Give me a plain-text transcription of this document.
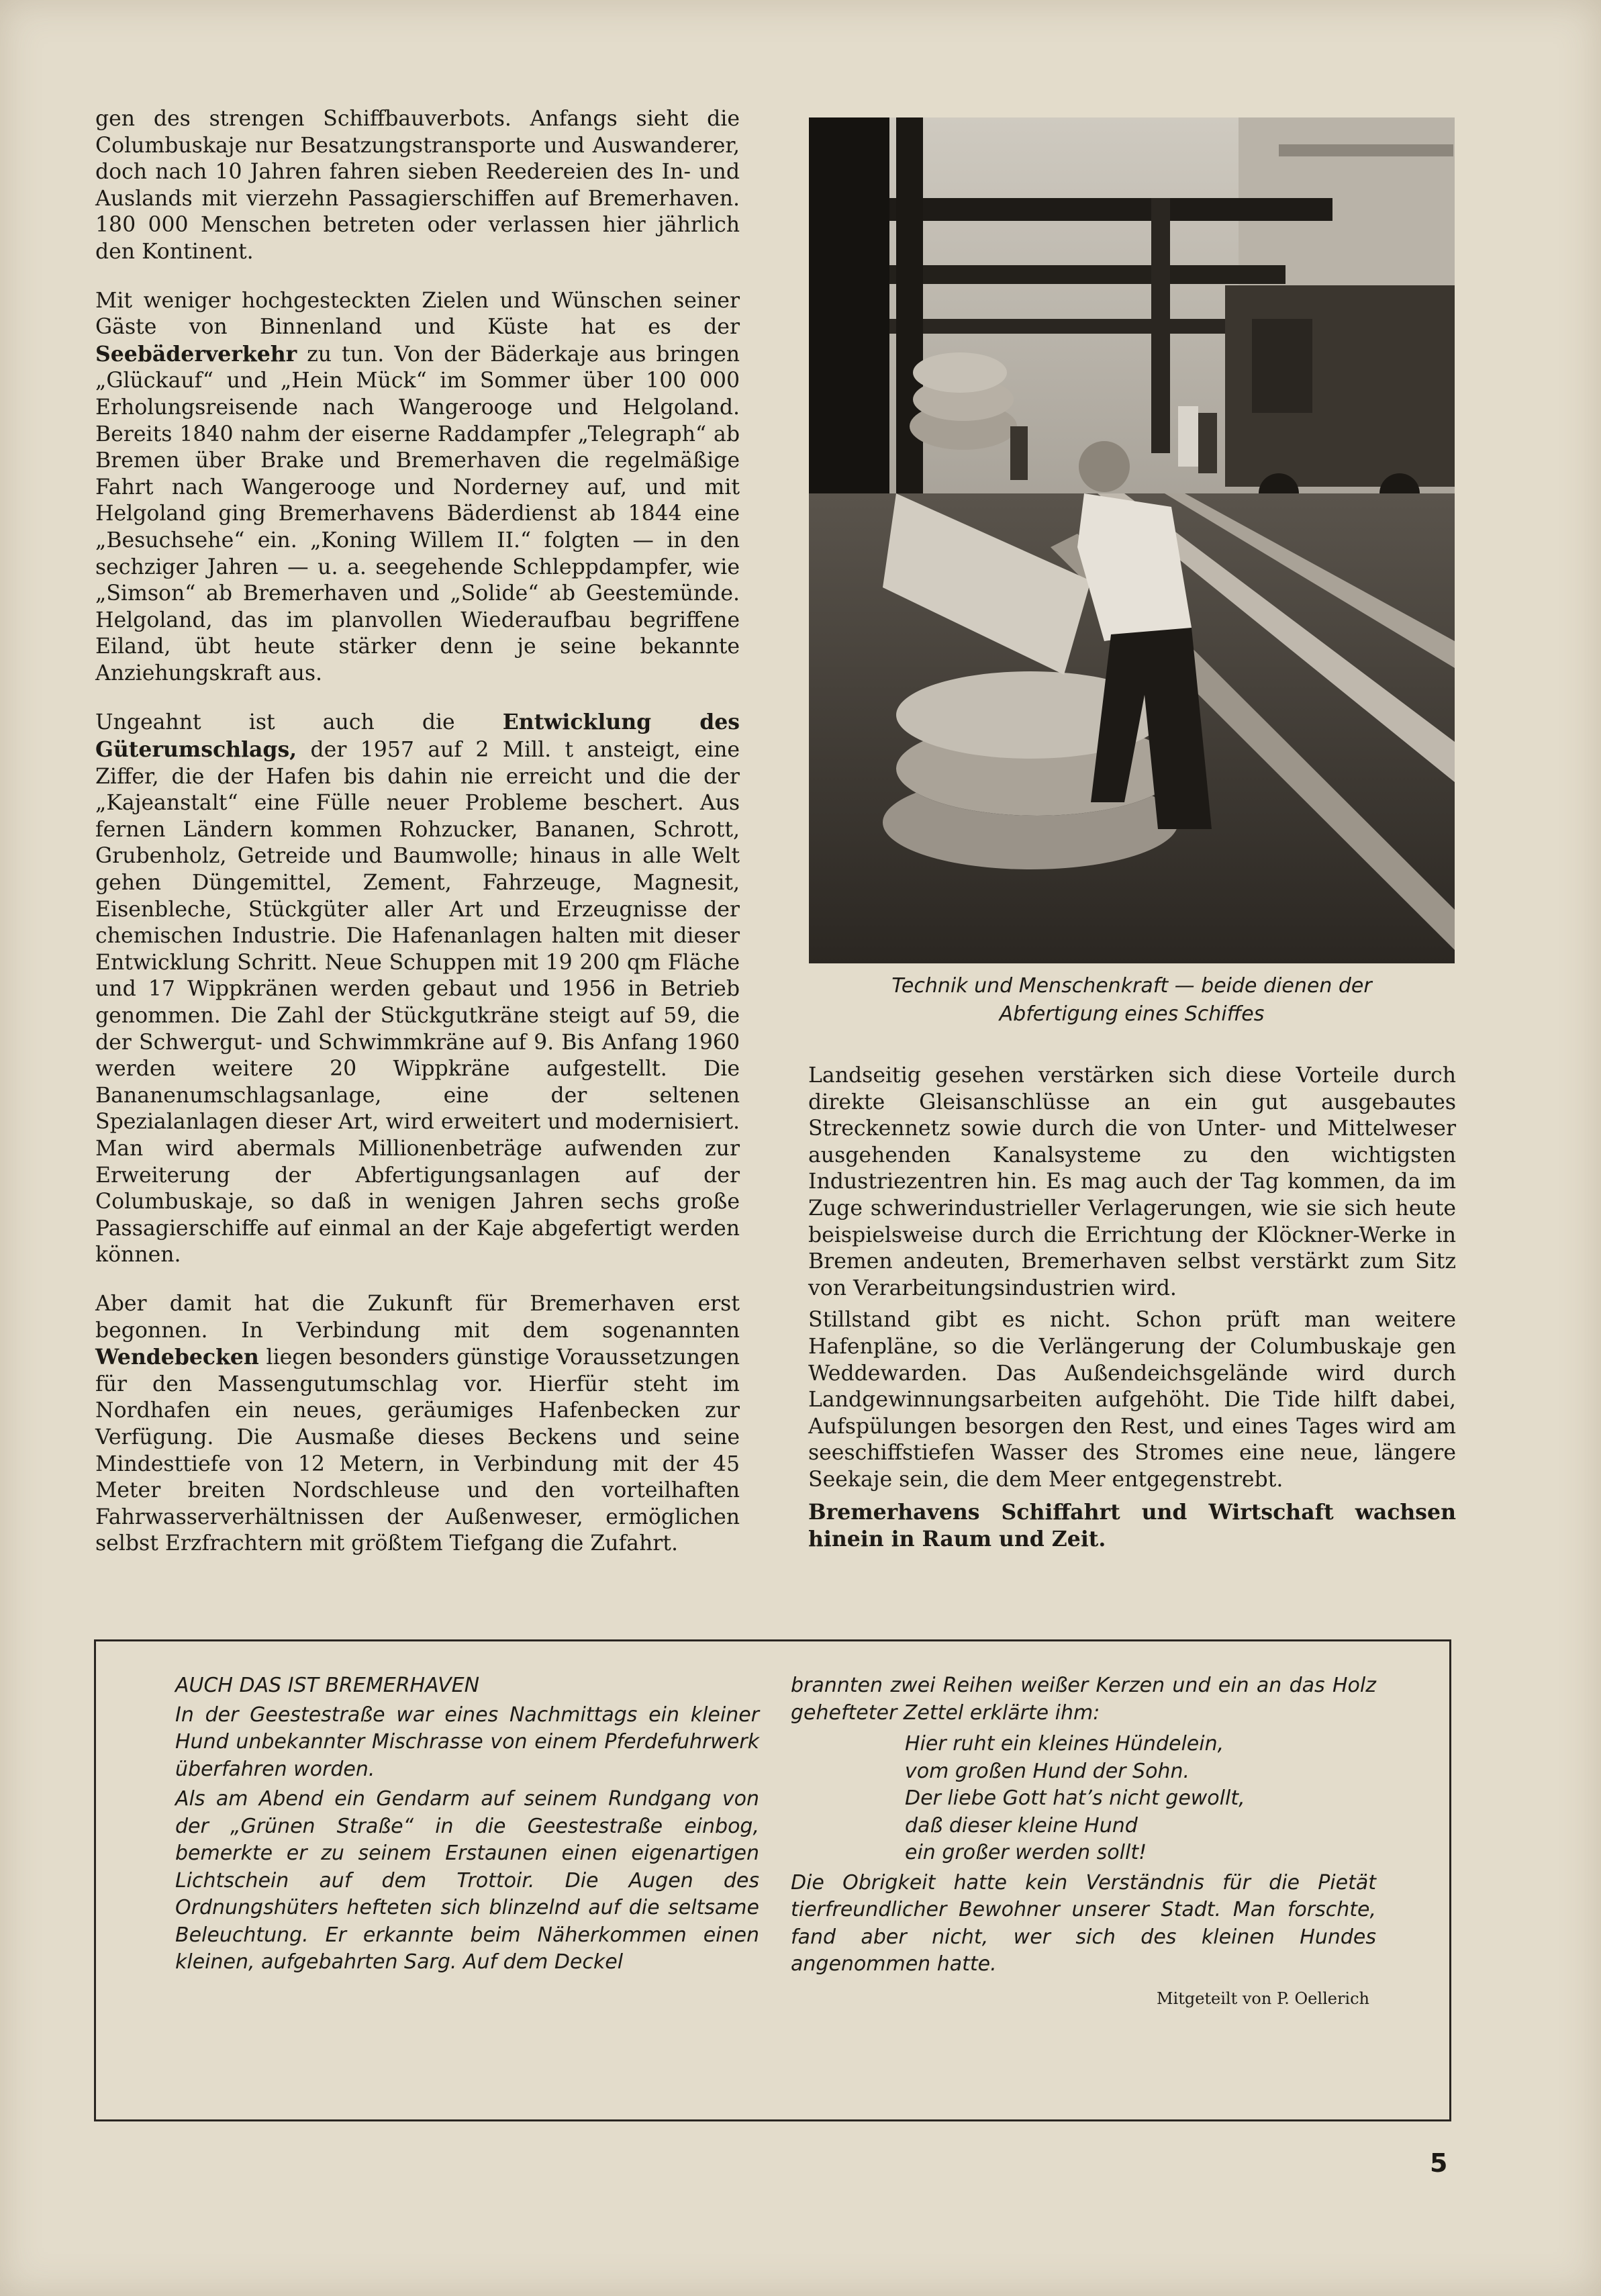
gen des strengen Schiffbauverbots. Anfangs sieht die Columbuskaje nur Besatzungstransporte und Auswanderer, doch nach 10 Jahren fahren sieben Reedereien des In- und Auslands mit vierzehn Passagierschiffen auf Bremerhaven. 180 000 Menschen betreten oder verlassen hier jährlich den Kontinent.

Mit weniger hochgesteckten Zielen und Wünschen seiner Gäste von Binnenland und Küste hat es der Seebäderverkehr zu tun. Von der Bäderkaje aus bringen „Glückauf“ und „Hein Mück“ im Sommer über 100 000 Erholungsreisende nach Wangerooge und Helgoland. Bereits 1840 nahm der eiserne Raddampfer „Telegraph“ ab Bremen über Brake und Bremerhaven die regelmäßige Fahrt nach Wangerooge und Norderney auf, und mit Helgoland ging Bremerhavens Bäderdienst ab 1844 eine „Besuchsehe“ ein. „Koning Willem II.“ folgten — in den sechziger Jahren — u. a. seegehende Schleppdampfer, wie „Simson“ ab Bremerhaven und „Solide“ ab Geestemünde. Helgoland, das im planvollen Wiederaufbau begriffene Eiland, übt heute stärker denn je seine bekannte Anziehungskraft aus.

Ungeahnt ist auch die Entwicklung des Güterumschlags, der 1957 auf 2 Mill. t ansteigt, eine Ziffer, die der Hafen bis dahin nie erreicht und die der „Kajeanstalt“ eine Fülle neuer Probleme beschert. Aus fernen Ländern kommen Rohzucker, Bananen, Schrott, Grubenholz, Getreide und Baumwolle; hinaus in alle Welt gehen Düngemittel, Zement, Fahrzeuge, Magnesit, Eisenbleche, Stückgüter aller Art und Erzeugnisse der chemischen Industrie. Die Hafenanlagen halten mit dieser Entwicklung Schritt. Neue Schuppen mit 19 200 qm Fläche und 17 Wippkränen werden gebaut und 1956 in Betrieb genommen. Die Zahl der Stückgutkräne steigt auf 59, die der Schwergut- und Schwimmkräne auf 9. Bis Anfang 1960 werden weitere 20 Wippkräne aufgestellt. Die Bananenumschlagsanlage, eine der seltenen Spezialanlagen dieser Art, wird erweitert und modernisiert. Man wird abermals Millionenbeträge aufwenden zur Erweiterung der Abfertigungsanlagen auf der Columbuskaje, so daß in wenigen Jahren sechs große Passagierschiffe auf einmal an der Kaje abgefertigt werden können.

Aber damit hat die Zukunft für Bremerhaven erst begonnen. In Verbindung mit dem sogenannten Wendebecken liegen besonders günstige Voraussetzungen für den Massengutumschlag vor. Hierfür steht im Nordhafen ein neues, geräumiges Hafenbecken zur Verfügung. Die Ausmaße dieses Beckens und seine Mindesttiefe von 12 Metern, in Verbindung mit der 45 Meter breiten Nordschleuse und den vorteilhaften Fahrwasserverhältnissen der Außenweser, ermöglichen selbst Erzfrachtern mit größtem Tiefgang die Zufahrt.

Technik und Menschenkraft — beide dienen der
Abfertigung eines Schiffes

Landseitig gesehen verstärken sich diese Vorteile durch direkte Gleisanschlüsse an ein gut ausgebautes Streckennetz sowie durch die von Unter- und Mittelweser ausgehenden Kanalsysteme zu den wichtigsten Industriezentren hin. Es mag auch der Tag kommen, da im Zuge schwerindustrieller Verlagerungen, wie sie sich heute beispielsweise durch die Errichtung der Klöckner-Werke in Bremen andeuten, Bremerhaven selbst verstärkt zum Sitz von Verarbeitungsindustrien wird.

Stillstand gibt es nicht. Schon prüft man weitere Hafenpläne, so die Verlängerung der Columbuskaje gen Weddewarden. Das Außendeichsgelände wird durch Landgewinnungsarbeiten aufgehöht. Die Tide hilft dabei, Aufspülungen besorgen den Rest, und eines Tages wird am seeschiffstiefen Wasser des Stromes eine neue, längere Seekaje sein, die dem Meer entgegenstrebt.

Bremerhavens Schiffahrt und Wirtschaft wachsen hinein in Raum und Zeit.

AUCH DAS IST BREMERHAVEN

In der Geestestraße war eines Nachmittags ein kleiner Hund unbekannter Mischrasse von einem Pferdefuhrwerk überfahren worden.

Als am Abend ein Gendarm auf seinem Rundgang von der „Grünen Straße“ in die Geestestraße einbog, bemerkte er zu seinem Erstaunen einen eigenartigen Lichtschein auf dem Trottoir. Die Augen des Ordnungshüters hefteten sich blinzelnd auf die seltsame Beleuchtung. Er erkannte beim Näherkommen einen kleinen, aufgebahrten Sarg. Auf dem Deckel

brannten zwei Reihen weißer Kerzen und ein an das Holz gehefteter Zettel erklärte ihm:

Hier ruht ein kleines Hündelein,
vom großen Hund der Sohn.
Der liebe Gott hat’s nicht gewollt,
daß dieser kleine Hund
ein großer werden sollt!

Die Obrigkeit hatte kein Verständnis für die Pietät tierfreundlicher Bewohner unserer Stadt. Man forschte, fand aber nicht, wer sich des kleinen Hundes angenommen hatte.

Mitgeteilt von P. Oellerich
5
